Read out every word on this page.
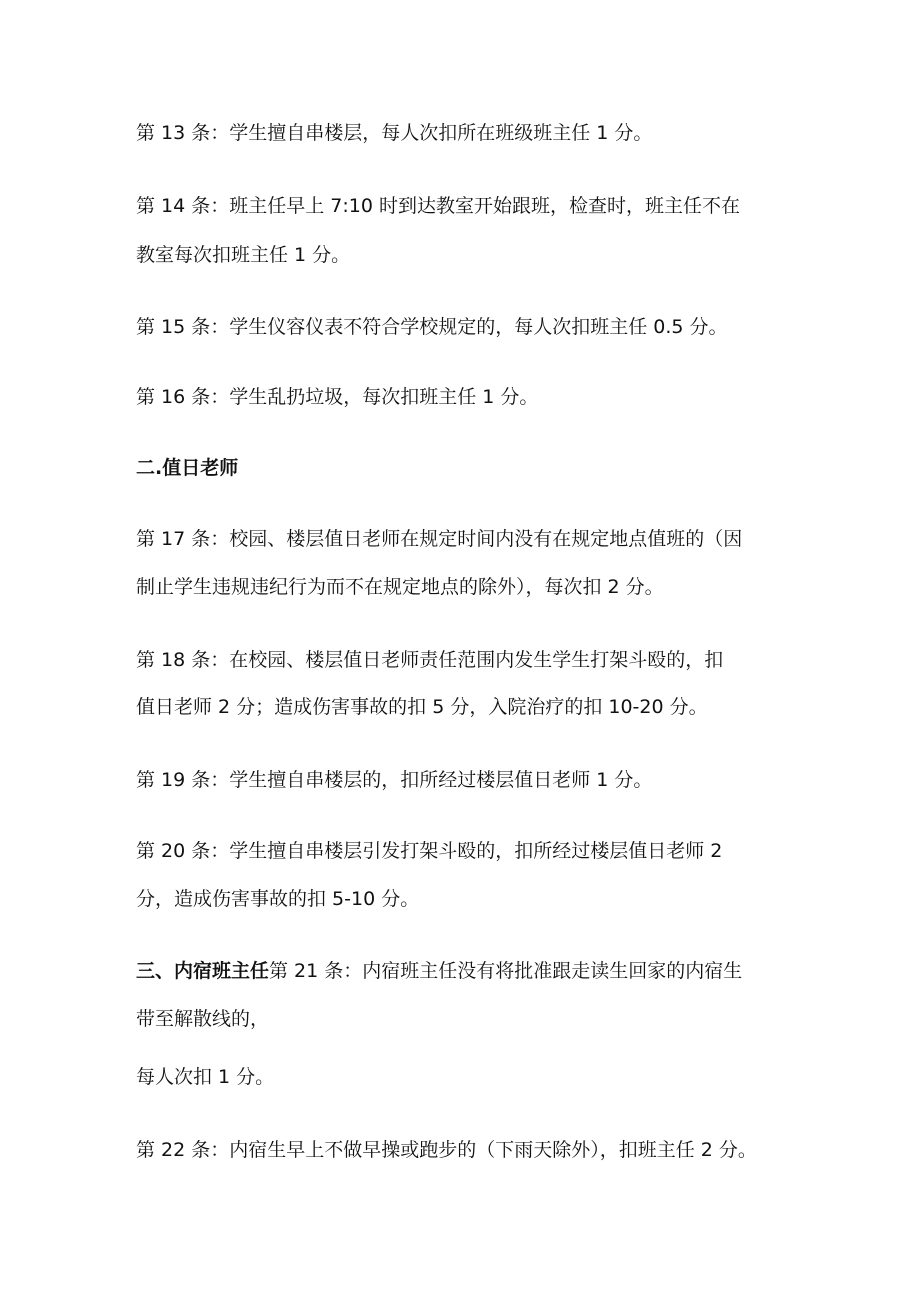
第 13 条：学生擅自串楼层，每人次扣所在班级班主任 1 分。
第 14 条：班主任早上 7:10 时到达教室开始跟班，检查时，班主任不在
教室每次扣班主任 1 分。
第 15 条：学生仪容仪表不符合学校规定的，每人次扣班主任 0.5 分。
第 16 条：学生乱扔垃圾，每次扣班主任 1 分。
二.值日老师
第 17 条：校园、楼层值日老师在规定时间内没有在规定地点值班的（因
制止学生违规违纪行为而不在规定地点的除外），每次扣 2 分。
第 18 条：在校园、楼层值日老师责任范围内发生学生打架斗殴的，扣
值日老师 2 分；造成伤害事故的扣 5 分，入院治疗的扣 10-20 分。
第 19 条：学生擅自串楼层的，扣所经过楼层值日老师 1 分。
第 20 条：学生擅自串楼层引发打架斗殴的，扣所经过楼层值日老师 2
分，造成伤害事故的扣 5-10 分。
三、内宿班主任第 21 条：内宿班主任没有将批准跟走读生回家的内宿生
带至解散线的，
每人次扣 1 分。
第 22 条：内宿生早上不做早操或跑步的（下雨天除外），扣班主任 2 分。
